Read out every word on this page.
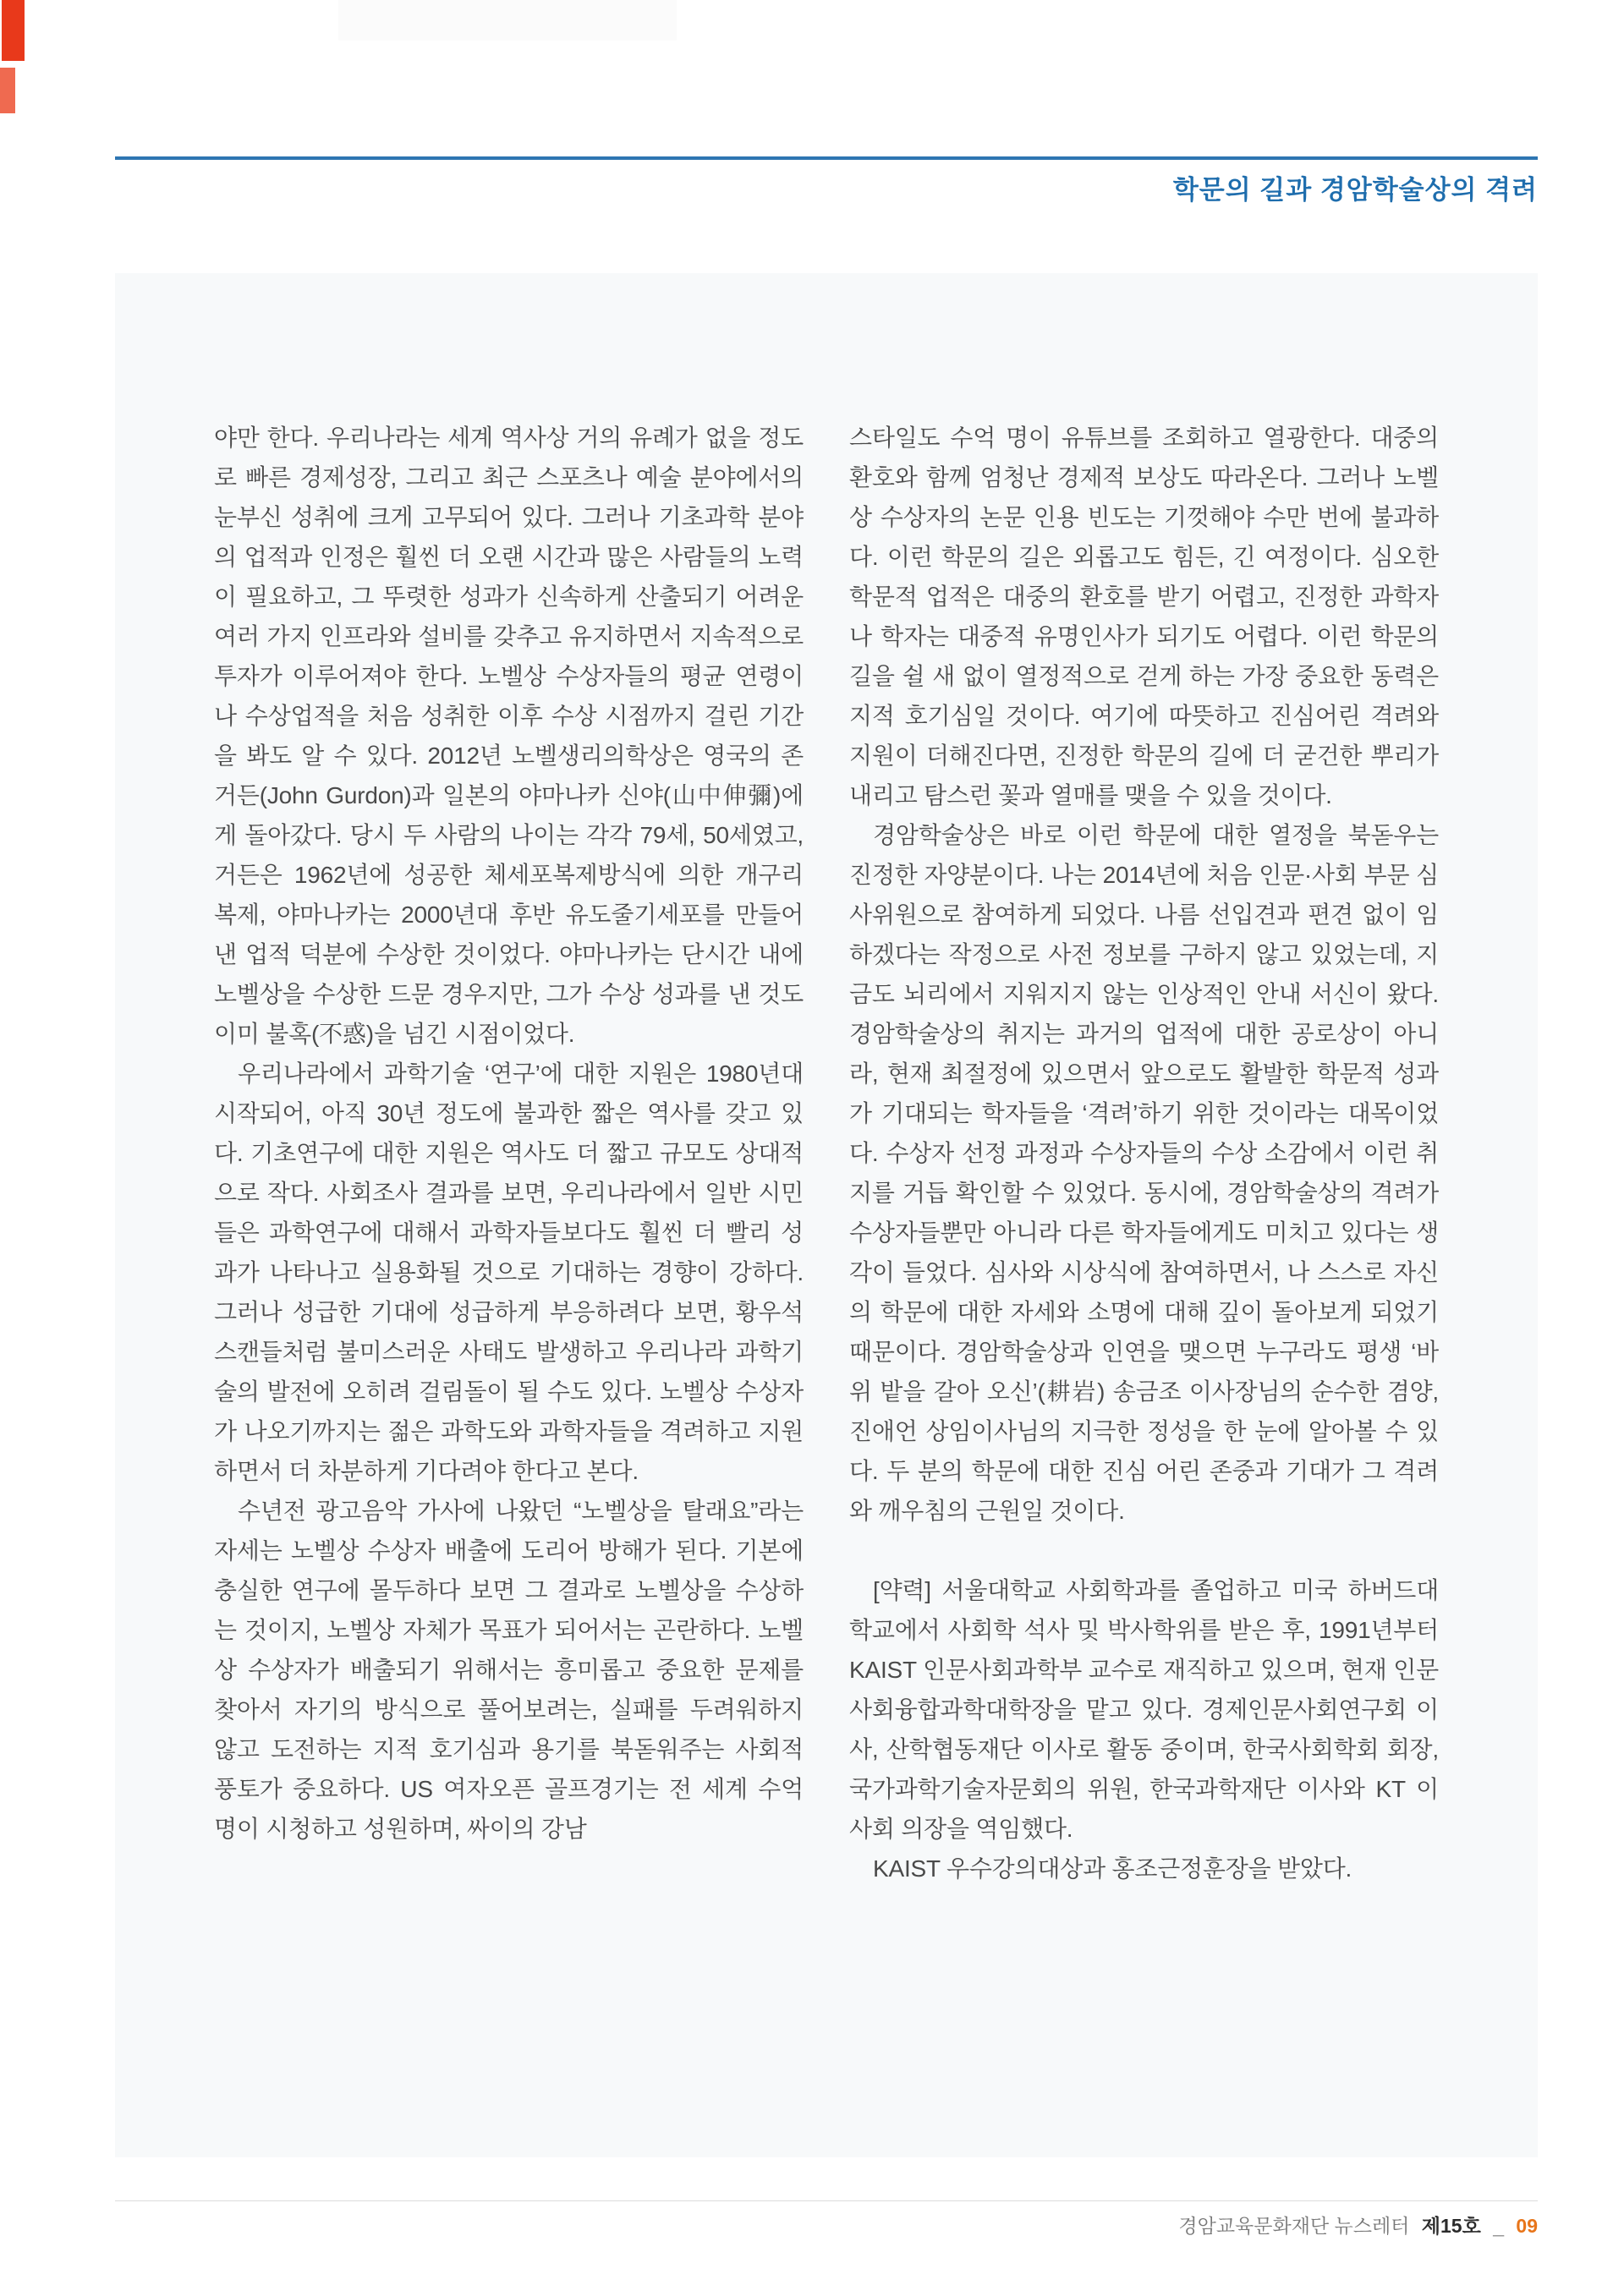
학문의 길과 경암학술상의 격려

야만 한다. 우리나라는 세계 역사상 거의 유례가 없을 정도로 빠른 경제성장, 그리고 최근 스포츠나 예술 분야에서의 눈부신 성취에 크게 고무되어 있다. 그러나 기초과학 분야의 업적과 인정은 훨씬 더 오랜 시간과 많은 사람들의 노력이 필요하고, 그 뚜렷한 성과가 신속하게 산출되기 어려운 여러 가지 인프라와 설비를 갖추고 유지하면서 지속적으로 투자가 이루어져야 한다. 노벨상 수상자들의 평균 연령이나 수상업적을 처음 성취한 이후 수상 시점까지 걸린 기간을 봐도 알 수 있다. 2012년 노벨생리의학상은 영국의 존 거든(John Gurdon)과 일본의 야마나카 신야(山中伸彌)에게 돌아갔다. 당시 두 사람의 나이는 각각 79세, 50세였고, 거든은 1962년에 성공한 체세포복제방식에 의한 개구리 복제, 야마나카는 2000년대 후반 유도줄기세포를 만들어낸 업적 덕분에 수상한 것이었다. 야마나카는 단시간 내에 노벨상을 수상한 드문 경우지만, 그가 수상 성과를 낸 것도 이미 불혹(不惑)을 넘긴 시점이었다.

우리나라에서 과학기술 ‘연구’에 대한 지원은 1980년대 시작되어, 아직 30년 정도에 불과한 짧은 역사를 갖고 있다. 기초연구에 대한 지원은 역사도 더 짧고 규모도 상대적으로 작다. 사회조사 결과를 보면, 우리나라에서 일반 시민들은 과학연구에 대해서 과학자들보다도 훨씬 더 빨리 성과가 나타나고 실용화될 것으로 기대하는 경향이 강하다. 그러나 성급한 기대에 성급하게 부응하려다 보면, 황우석 스캔들처럼 불미스러운 사태도 발생하고 우리나라 과학기술의 발전에 오히려 걸림돌이 될 수도 있다. 노벨상 수상자가 나오기까지는 젊은 과학도와 과학자들을 격려하고 지원하면서 더 차분하게 기다려야 한다고 본다.

수년전 광고음악 가사에 나왔던 “노벨상을 탈래요”라는 자세는 노벨상 수상자 배출에 도리어 방해가 된다. 기본에 충실한 연구에 몰두하다 보면 그 결과로 노벨상을 수상하는 것이지, 노벨상 자체가 목표가 되어서는 곤란하다. 노벨상 수상자가 배출되기 위해서는 흥미롭고 중요한 문제를 찾아서 자기의 방식으로 풀어보려는, 실패를 두려워하지 않고 도전하는 지적 호기심과 용기를 북돋워주는 사회적 풍토가 중요하다. US 여자오픈 골프경기는 전 세계 수억 명이 시청하고 성원하며, 싸이의 강남

스타일도 수억 명이 유튜브를 조회하고 열광한다. 대중의 환호와 함께 엄청난 경제적 보상도 따라온다. 그러나 노벨상 수상자의 논문 인용 빈도는 기껏해야 수만 번에 불과하다. 이런 학문의 길은 외롭고도 힘든, 긴 여정이다. 심오한 학문적 업적은 대중의 환호를 받기 어렵고, 진정한 과학자나 학자는 대중적 유명인사가 되기도 어렵다. 이런 학문의 길을 쉴 새 없이 열정적으로 걷게 하는 가장 중요한 동력은 지적 호기심일 것이다. 여기에 따뜻하고 진심어린 격려와 지원이 더해진다면, 진정한 학문의 길에 더 굳건한 뿌리가 내리고 탐스런 꽃과 열매를 맺을 수 있을 것이다.

경암학술상은 바로 이런 학문에 대한 열정을 북돋우는 진정한 자양분이다. 나는 2014년에 처음 인문·사회 부문 심사위원으로 참여하게 되었다. 나름 선입견과 편견 없이 임하겠다는 작정으로 사전 정보를 구하지 않고 있었는데, 지금도 뇌리에서 지워지지 않는 인상적인 안내 서신이 왔다. 경암학술상의 취지는 과거의 업적에 대한 공로상이 아니라, 현재 최절정에 있으면서 앞으로도 활발한 학문적 성과가 기대되는 학자들을 ‘격려’하기 위한 것이라는 대목이었다. 수상자 선정 과정과 수상자들의 수상 소감에서 이런 취지를 거듭 확인할 수 있었다. 동시에, 경암학술상의 격려가 수상자들뿐만 아니라 다른 학자들에게도 미치고 있다는 생각이 들었다. 심사와 시상식에 참여하면서, 나 스스로 자신의 학문에 대한 자세와 소명에 대해 깊이 돌아보게 되었기 때문이다. 경암학술상과 인연을 맺으면 누구라도 평생 ‘바위 밭을 갈아 오신’(耕岩) 송금조 이사장님의 순수한 겸양, 진애언 상임이사님의 지극한 정성을 한 눈에 알아볼 수 있다. 두 분의 학문에 대한 진심 어린 존중과 기대가 그 격려와 깨우침의 근원일 것이다.

[약력] 서울대학교 사회학과를 졸업하고 미국 하버드대학교에서 사회학 석사 및 박사학위를 받은 후, 1991년부터 KAIST 인문사회과학부 교수로 재직하고 있으며, 현재 인문사회융합과학대학장을 맡고 있다. 경제인문사회연구회 이사, 산학협동재단 이사로 활동 중이며, 한국사회학회 회장, 국가과학기술자문회의 위원, 한국과학재단 이사와 KT 이사회 의장을 역임했다.

KAIST 우수강의대상과 홍조근정훈장을 받았다.

경암교육문화재단 뉴스레터 제15호 _ 09
